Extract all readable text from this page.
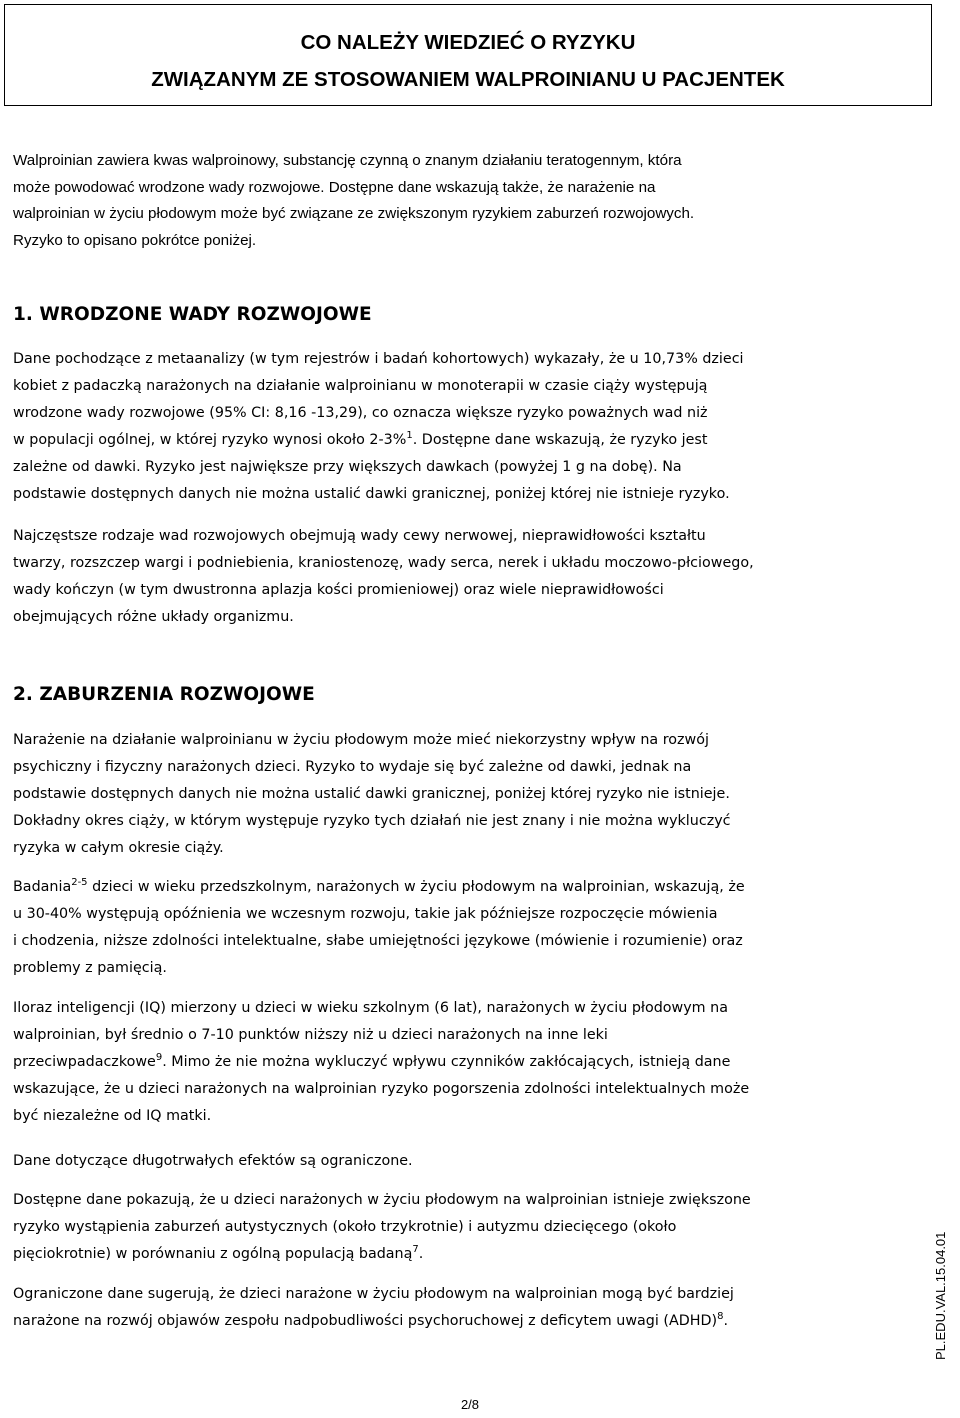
CO NALEŻY WIEDZIEĆ O RYZYKU
ZWIĄZANYM ZE STOSOWANIEM WALPROINIANU U PACJENTEK
Walproinian zawiera kwas walproinowy, substancję czynną o znanym działaniu teratogennym, która
może powodować wrodzone wady rozwojowe. Dostępne dane wskazują także, że narażenie na
walproinian w życiu płodowym może być związane ze zwiększonym ryzykiem zaburzeń rozwojowych.
Ryzyko to opisano pokrótce poniżej.
1. WRODZONE WADY ROZWOJOWE
Dane pochodzące z metaanalizy (w tym rejestrów i badań kohortowych) wykazały, że u 10,73% dzieci
kobiet z padaczką narażonych na działanie walproinianu w monoterapii w czasie ciąży występują
wrodzone wady rozwojowe (95% CI: 8,16 -13,29), co oznacza większe ryzyko poważnych wad niż
w populacji ogólnej, w której ryzyko wynosi około 2-3%$^1$. Dostępne dane wskazują, że ryzyko jest
zależne od dawki. Ryzyko jest największe przy większych dawkach (powyżej 1 g na dobę). Na
podstawie dostępnych danych nie można ustalić dawki granicznej, poniżej której nie istnieje ryzyko.
Najczęstsze rodzaje wad rozwojowych obejmują wady cewy nerwowej, nieprawidłowości kształtu
twarzy, rozszczep wargi i podniebienia, kraniostenozę, wady serca, nerek i układu moczowo-płciowego,
wady kończyn (w tym dwustronna aplazja kości promieniowej) oraz wiele nieprawidłowości
obejmujących różne układy organizmu.
2. ZABURZENIA ROZWOJOWE
Narażenie na działanie walproinianu w życiu płodowym może mieć niekorzystny wpływ na rozwój
psychiczny i fizyczny narażonych dzieci. Ryzyko to wydaje się być zależne od dawki, jednak na
podstawie dostępnych danych nie można ustalić dawki granicznej, poniżej której ryzyko nie istnieje.
Dokładny okres ciąży, w którym występuje ryzyko tych działań nie jest znany i nie można wykluczyć
ryzyka w całym okresie ciąży.
Badania$^{2-5}$ dzieci w wieku przedszkolnym, narażonych w życiu płodowym na walproinian, wskazują, że
u 30-40% występują opóźnienia we wczesnym rozwoju, takie jak późniejsze rozpoczęcie mówienia
i chodzenia, niższe zdolności intelektualne, słabe umiejętności językowe (mówienie i rozumienie) oraz
problemy z pamięcią.
Iloraz inteligencji (IQ) mierzony u dzieci w wieku szkolnym (6 lat), narażonych w życiu płodowym na
walproinian, był średnio o 7-10 punktów niższy niż u dzieci narażonych na inne leki
przeciwpadaczkowe$^9$. Mimo że nie można wykluczyć wpływu czynników zakłócających, istnieją dane
wskazujące, że u dzieci narażonych na walproinian ryzyko pogorszenia zdolności intelektualnych może
być niezależne od IQ matki.
Dane dotyczące długotrwałych efektów są ograniczone.
Dostępne dane pokazują, że u dzieci narażonych w życiu płodowym na walproinian istnieje zwiększone
ryzyko wystąpienia zaburzeń autystycznych (około trzykrotnie) i autyzmu dziecięcego (około
pięciokrotnie) w porównaniu z ogólną populacją badaną$^7$.
Ograniczone dane sugerują, że dzieci narażone w życiu płodowym na walproinian mogą być bardziej
narażone na rozwój objawów zespołu nadpobudliwości psychoruchowej z deficytem uwagi (ADHD)$^8$.	PL.EDU.VAL.15.04.01
2/8
